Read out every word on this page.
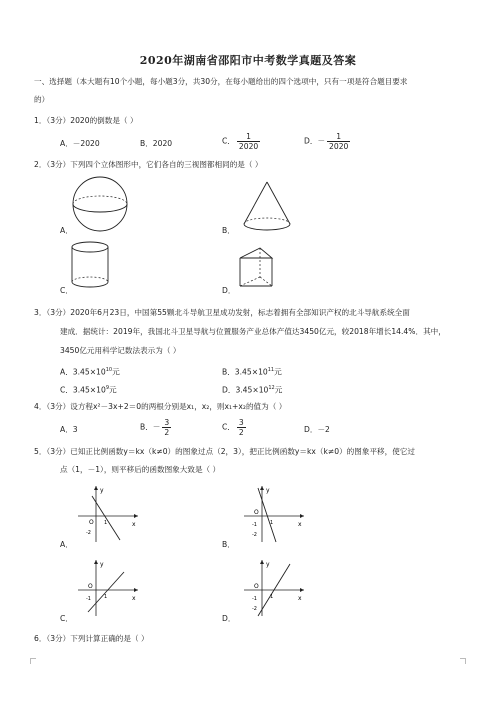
2020年湖南省邵阳市中考数学真题及答案
一、选择题（本大题有10个小题，每小题3分，共30分，在每小题给出的四个选项中，只有一项是符合题目要求
的）
1．（3分）2020的倒数是（ ）
A．－2020	B．2020	C． $\frac{1}{2020}$	D．－ $\frac{1}{2020}$
2．（3分）下列四个立体图形中，它们各自的三视图都相同的是（ ）
A．	B．
C．	D．
3．（3分）2020年6月23日，中国第55颗北斗导航卫星成功发射，标志着拥有全部知识产权的北斗导航系统全面
建成．据统计：2019年，我国北斗卫星导航与位置服务产业总体产值达3450亿元，较2018年增长14.4%．其中，
3450亿元用科学记数法表示为（ ）
A．$3.45\times 10^{10}$元	B．$3.45\times 10^{11}$元
C．$3.45\times 10^9$元	D．$3.45\times 10^{12}$元
4．（3分）设方程x²－3x+2＝0的两根分别是x₁，x₂，则x₁+x₂的值为（ ）
A．3	B．－ $\frac{3}{2}$	C． $\frac{3}{2}$	D．－2
5．（3分）已知正比例函数y＝kx（k≠0）的图象过点（2，3），把正比例函数y＝kx（k≠0）的图象平移，使它过
点（1，－1），则平移后的函数图象大致是（ ）
y
x
O 1
-2
A．
y
x
O
1
-1
-2
B．
y
x
O
1
-1
C．
y
x
O
1
-1
-2
D．
6．（3分）下列计算正确的是（ ）
